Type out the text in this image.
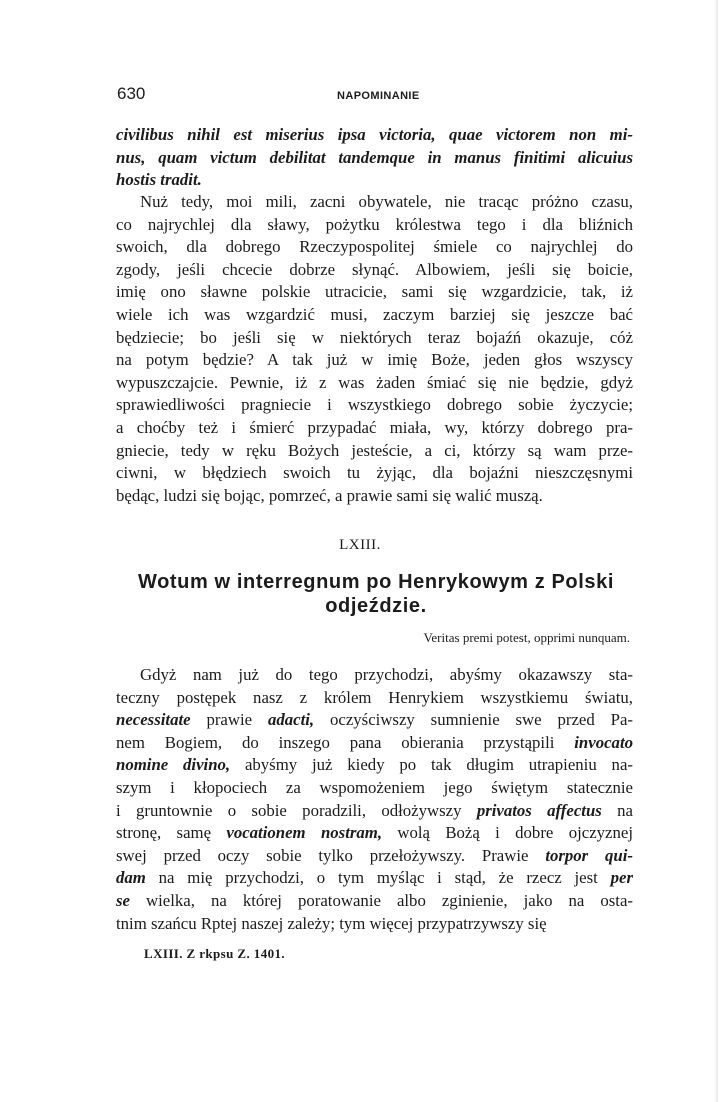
630	NAPOMINANIE
civilibus nihil est miserius ipsa victoria, quae victorem non mi-
nus, quam victum debilitat tandemque in manus finitimi alicuius
hostis tradit.
Nuż tedy, moi mili, zacni obywatele, nie tracąc próżno czasu,
co najrychlej dla sławy, pożytku królestwa tego i dla bliźnich
swoich, dla dobrego Rzeczypospolitej śmiele co najrychlej do
zgody, jeśli chcecie dobrze słynąć. Albowiem, jeśli się boicie,
imię ono sławne polskie utracicie, sami się wzgardzicie, tak, iż
wiele ich was wzgardzić musi, zaczym barziej się jeszcze bać
będziecie; bo jeśli się w niektórych teraz bojaźń okazuje, cóż
na potym będzie? A tak już w imię Boże, jeden głos wszyscy
wypuszczajcie. Pewnie, iż z was żaden śmiać się nie będzie, gdyż
sprawiedliwości pragniecie i wszystkiego dobrego sobie życzycie;
a choćby też i śmierć przypadać miała, wy, którzy dobrego pra-
gniecie, tedy w ręku Bożych jesteście, a ci, którzy są wam prze-
ciwni, w błędziech swoich tu żyjąc, dla bojaźni nieszczęsnymi
będąc, ludzi się bojąc, pomrzeć, a prawie sami się walić muszą.
LXIII.
Wotum w interregnum po Henrykowym z Polski
odjeździe.
Veritas premi potest, opprimi nunquam.
Gdyż nam już do tego przychodzi, abyśmy okazawszy sta-
teczny postępek nasz z królem Henrykiem wszystkiemu światu,
necessitate prawie adacti, oczyściwszy sumnienie swe przed Pa-
nem Bogiem, do inszego pana obierania przystąpili invocato
nomine divino, abyśmy już kiedy po tak długim utrapieniu na-
szym i kłopociech za wspomożeniem jego świętym statecznie
i gruntownie o sobie poradzili, odłożywszy privatos affectus na
stronę, samę vocationem nostram, wolą Bożą i dobre ojczyznej
swej przed oczy sobie tylko przełożywszy. Prawie torpor qui-
dam na mię przychodzi, o tym myśląc i stąd, że rzecz jest per
se wielka, na której poratowanie albo zginienie, jako na osta-
tnim szańcu Rptej naszej zależy; tym więcej przypatrzywszy się
LXIII. Z rkpsu Z. 1401.
